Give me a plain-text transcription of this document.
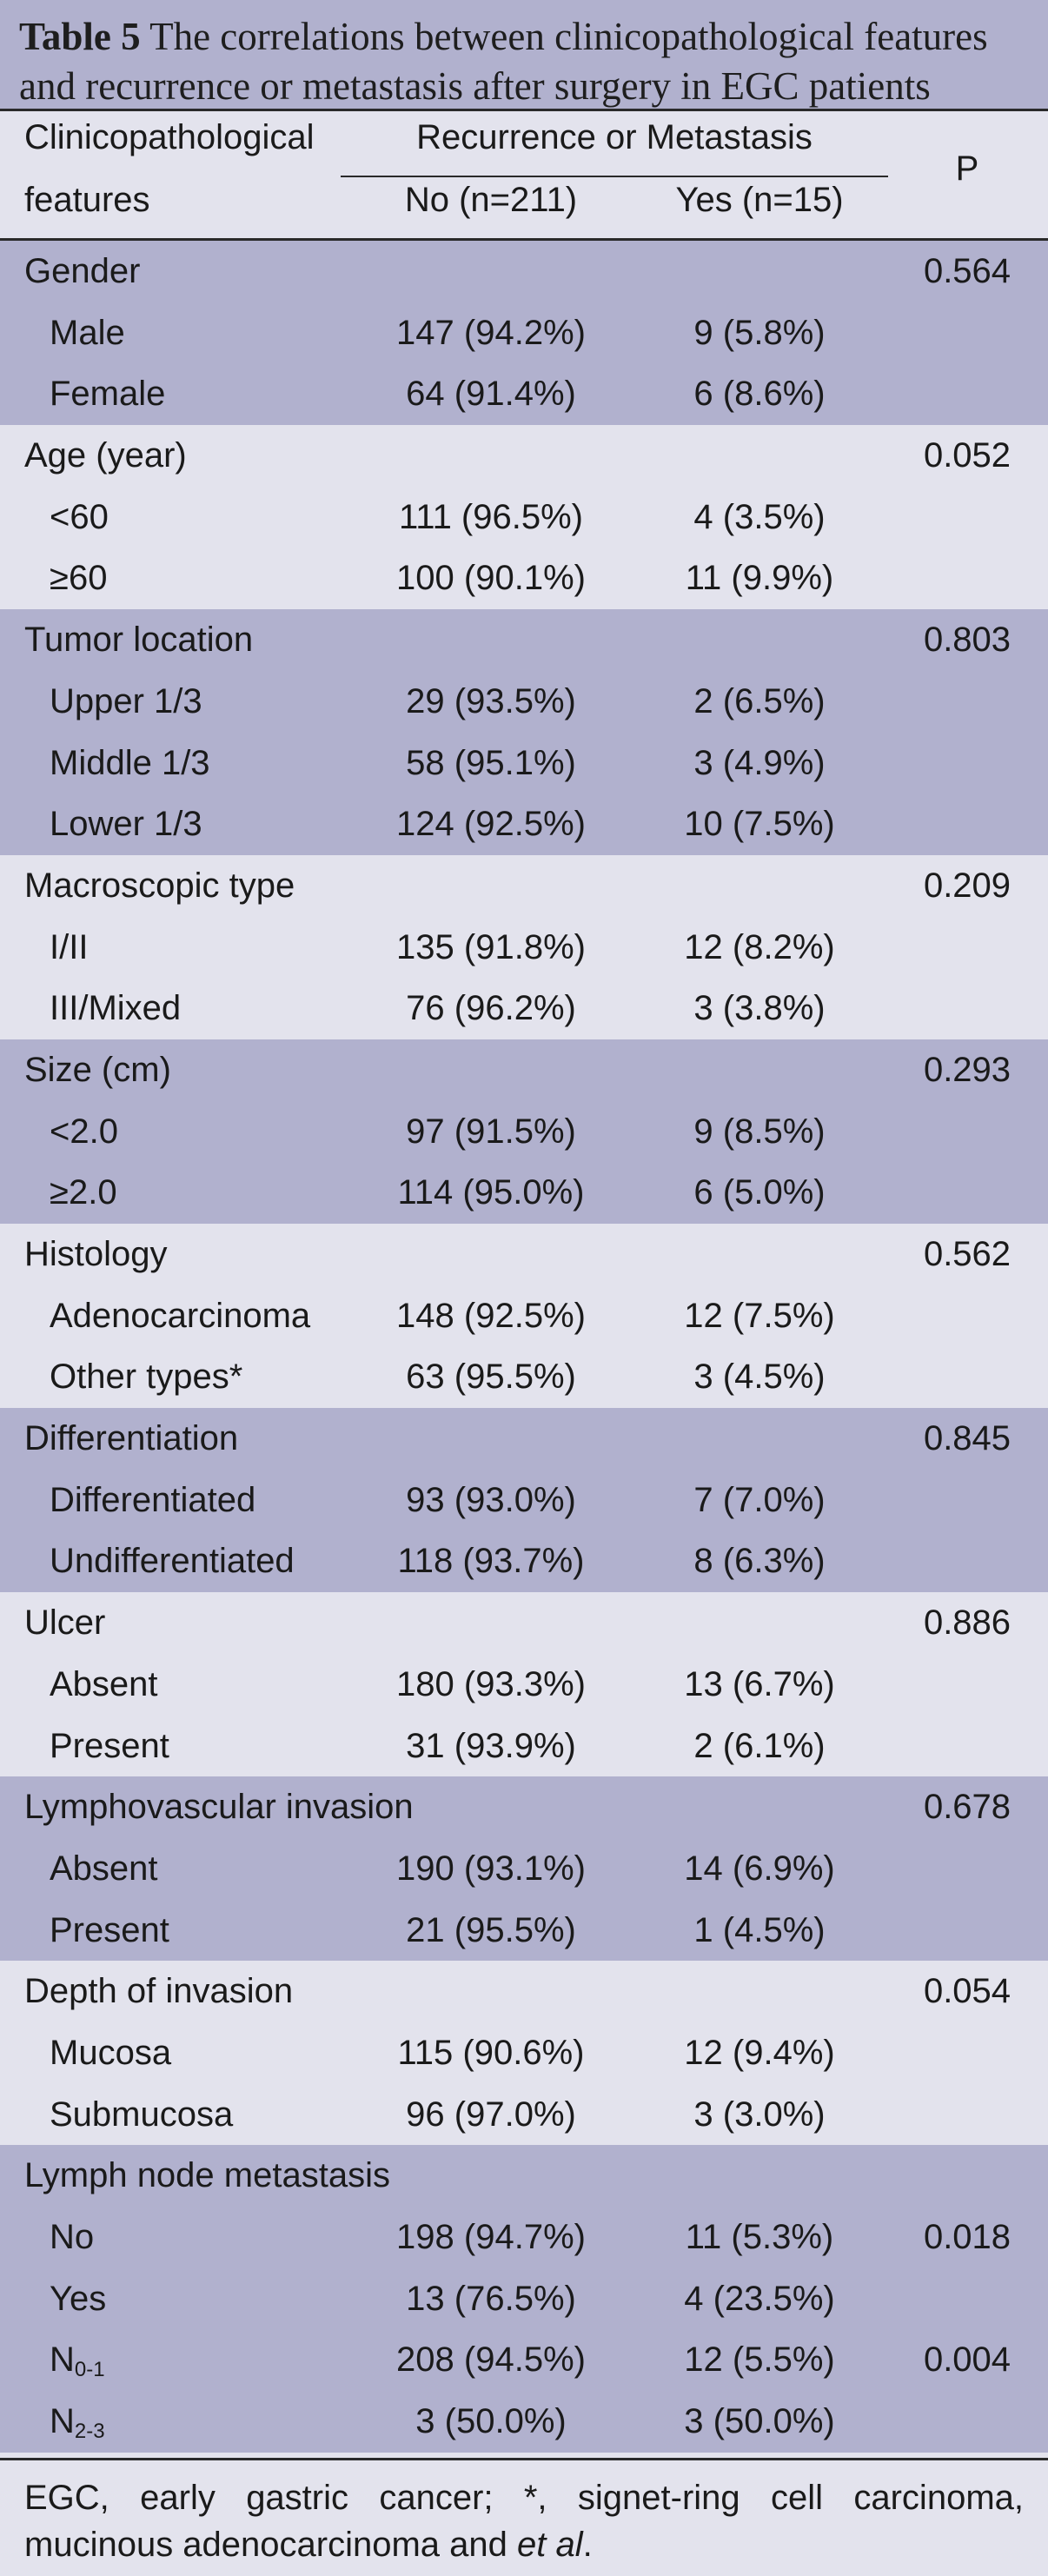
Table 5 The correlations between clinicopathological features and recurrence or metastasis after surgery in EGC patients
Clinicopathological
features
Recurrence or Metastasis
No (n=211)	Yes (n=15)
P
Gender	0.564
Male	147 (94.2%)	9 (5.8%)
Female	64 (91.4%)	6 (8.6%)
Age (year)	0.052
<60	111 (96.5%)	4 (3.5%)
≥60	100 (90.1%)	11 (9.9%)
Tumor location	0.803
Upper 1/3	29 (93.5%)	2 (6.5%)
Middle 1/3	58 (95.1%)	3 (4.9%)
Lower 1/3	124 (92.5%)	10 (7.5%)
Macroscopic type	0.209
I/II	135 (91.8%)	12 (8.2%)
III/Mixed	76 (96.2%)	3 (3.8%)
Size (cm)	0.293
<2.0	97 (91.5%)	9 (8.5%)
≥2.0	114 (95.0%)	6 (5.0%)
Histology	0.562
Adenocarcinoma 148 (92.5%)	12 (7.5%)
Other types*	63 (95.5%)	3 (4.5%)
Differentiation	0.845
Differentiated	93 (93.0%)	7 (7.0%)
Undifferentiated	118 (93.7%)	8 (6.3%)
Ulcer	0.886
Absent	180 (93.3%)	13 (6.7%)
Present	31 (93.9%)	2 (6.1%)
Lymphovascular invasion	0.678
Absent	190 (93.1%)	14 (6.9%)
Present	21 (95.5%)	1 (4.5%)
Depth of invasion	0.054
Mucosa	115 (90.6%)	12 (9.4%)
Submucosa	96 (97.0%)	3 (3.0%)
Lymph node metastasis
No	198 (94.7%)	11 (5.3%)	0.018
Yes	13 (76.5%)	4 (23.5%)
N0-1	208 (94.5%)	12 (5.5%)	0.004
N2-3	3 (50.0%)	3 (50.0%)
EGC, early gastric cancer; *, signet-ring cell carcinoma, mucinous adenocarcinoma and et al.
